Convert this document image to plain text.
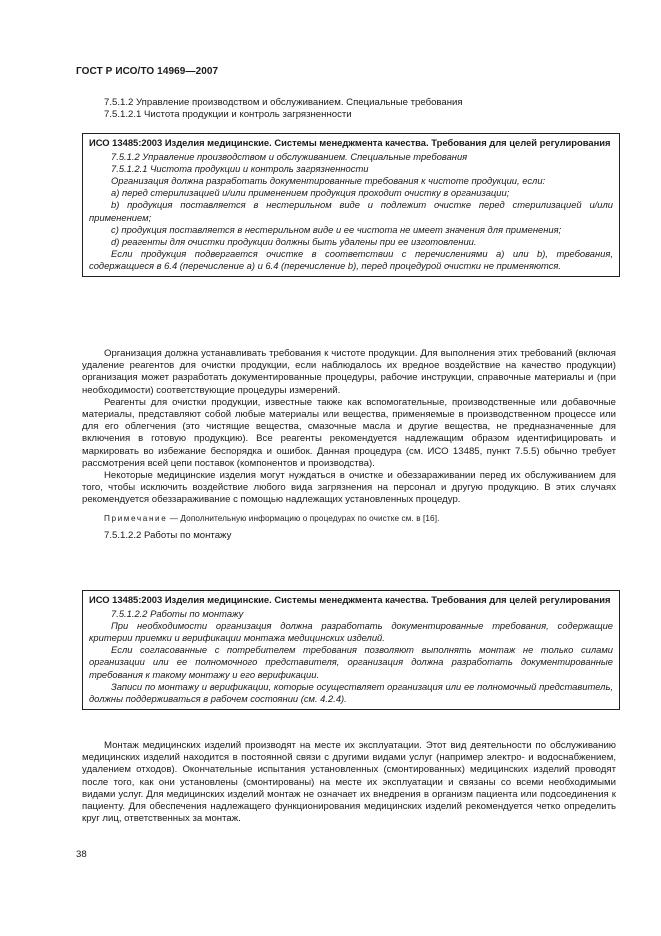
ГОСТ Р ИСО/ТО 14969—2007

7.5.1.2 Управление производством и обслуживанием. Специальные требования

7.5.1.2.1 Чистота продукции и контроль загрязненности

ИСО 13485:2003 Изделия медицинские. Системы менеджмента качества. Требования для целей регулирования

7.5.1.2 Управление производством и обслуживанием. Специальные требования

7.5.1.2.1 Чистота продукции и контроль загрязненности

Организация должна разработать документированные требования к чистоте продукции, если:

a) перед стерилизацией и/или применением продукция проходит очистку в организации;

b) продукция поставляется в нестерильном виде и подлежит очистке перед стерилизацией и/или применением;

c) продукция поставляется в нестерильном виде и ее чистота не имеет значения для применения;

d) реагенты для очистки продукции должны быть удалены при ее изготовлении.

Если продукция подвергается очистке в соответствии с перечислениями a) или b), требования, содержащиеся в 6.4 (перечисление а) и 6.4 (перечисление b), перед процедурой очистки не применяются.

Организация должна устанавливать требования к чистоте продукции. Для выполнения этих требований (включая удаление реагентов для очистки продукции, если наблюдалось их вредное воздействие на качество продукции) организация может разработать документированные процедуры, рабочие инструкции, справочные материалы и (при необходимости) соответствующие процедуры измерений.

Реагенты для очистки продукции, известные также как вспомогательные, производственные или добавочные материалы, представляют собой любые материалы или вещества, применяемые в производственном процессе или для его облегчения (это чистящие вещества, смазочные масла и другие вещества, не предназначенные для включения в готовую продукцию). Все реагенты рекомендуется надлежащим образом идентифицировать и маркировать во избежание беспорядка и ошибок. Данная процедура (см. ИСО 13485, пункт 7.5.5) обычно требует рассмотрения всей цепи поставок (компонентов и производства).

Некоторые медицинские изделия могут нуждаться в очистке и обеззараживании перед их обслуживанием для того, чтобы исключить воздействие любого вида загрязнения на персонал и другую продукцию. В этих случаях рекомендуется обеззараживание с помощью надлежащих установленных процедур.

Примечание — Дополнительную информацию о процедурах по очистке см. в [16].

7.5.1.2.2 Работы по монтажу

ИСО 13485:2003 Изделия медицинские. Системы менеджмента качества. Требования для целей регулирования

7.5.1.2.2 Работы по монтажу

При необходимости организация должна разработать документированные требования, содержащие критерии приемки и верификации монтажа медицинских изделий.

Если согласованные с потребителем требования позволяют выполнять монтаж не только силами организации или ее полномочного представителя, организация должна разработать документированные требования к такому монтажу и его верификации.

Записи по монтажу и верификации, которые осуществляет организация или ее полномочный представитель, должны поддерживаться в рабочем состоянии (см. 4.2.4).

Монтаж медицинских изделий производят на месте их эксплуатации. Этот вид деятельности по обслуживанию медицинских изделий находится в постоянной связи с другими видами услуг (например электро- и водоснабжением, удалением отходов). Окончательные испытания установленных (смонтированных) медицинских изделий проводят после того, как они установлены (смонтированы) на месте их эксплуатации и связаны со всеми необходимыми видами услуг. Для медицинских изделий монтаж не означает их внедрения в организм пациента или подсоединения к пациенту. Для обеспечения надлежащего функционирования медицинских изделий рекомендуется четко определить круг лиц, ответственных за монтаж.

38
